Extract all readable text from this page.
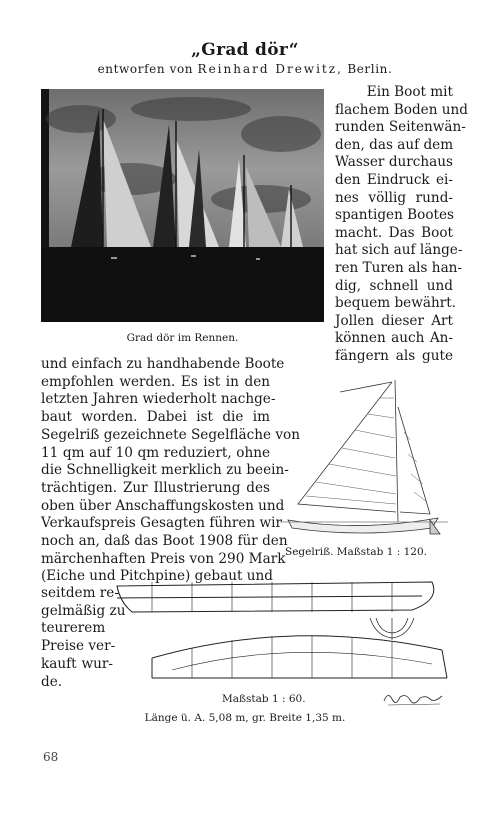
„Grad dör“
entworfen von Reinhard Drewitz, Berlin.
Grad dör im Rennen.
Ein Boot mit
flachem Boden und
runden Seitenwän-
den, das auf dem
Wasser durchaus
den Eindruck ei-
nes völlig rund-
spantigen Bootes
macht. Das Boot
hat sich auf länge-
ren Turen als han-
dig, schnell und
bequem bewährt.
Jollen dieser Art
können auch An-
fängern als gute
und einfach zu handhabende Boote
empfohlen werden. Es ist in den
letzten Jahren wiederholt nachge-
baut worden. Dabei ist die im
Segelriß gezeichnete Segelfläche von
11 qm auf 10 qm reduziert, ohne
die Schnelligkeit merklich zu beein-
trächtigen. Zur Illustrierung des
oben über Anschaffungskosten und
Verkaufspreis Gesagten führen wir
noch an, daß das Boot 1908 für den
märchenhaften Preis von 290 Mark
(Eiche und Pitchpine) gebaut und
seitdem re-
gelmäßig zu
teurerem
Preise ver-
kauft wur-
de.
Segelriß. Maßstab 1 : 120.
Maßstab 1 : 60.
Länge ü. A. 5,08 m, gr. Breite 1,35 m.
68
